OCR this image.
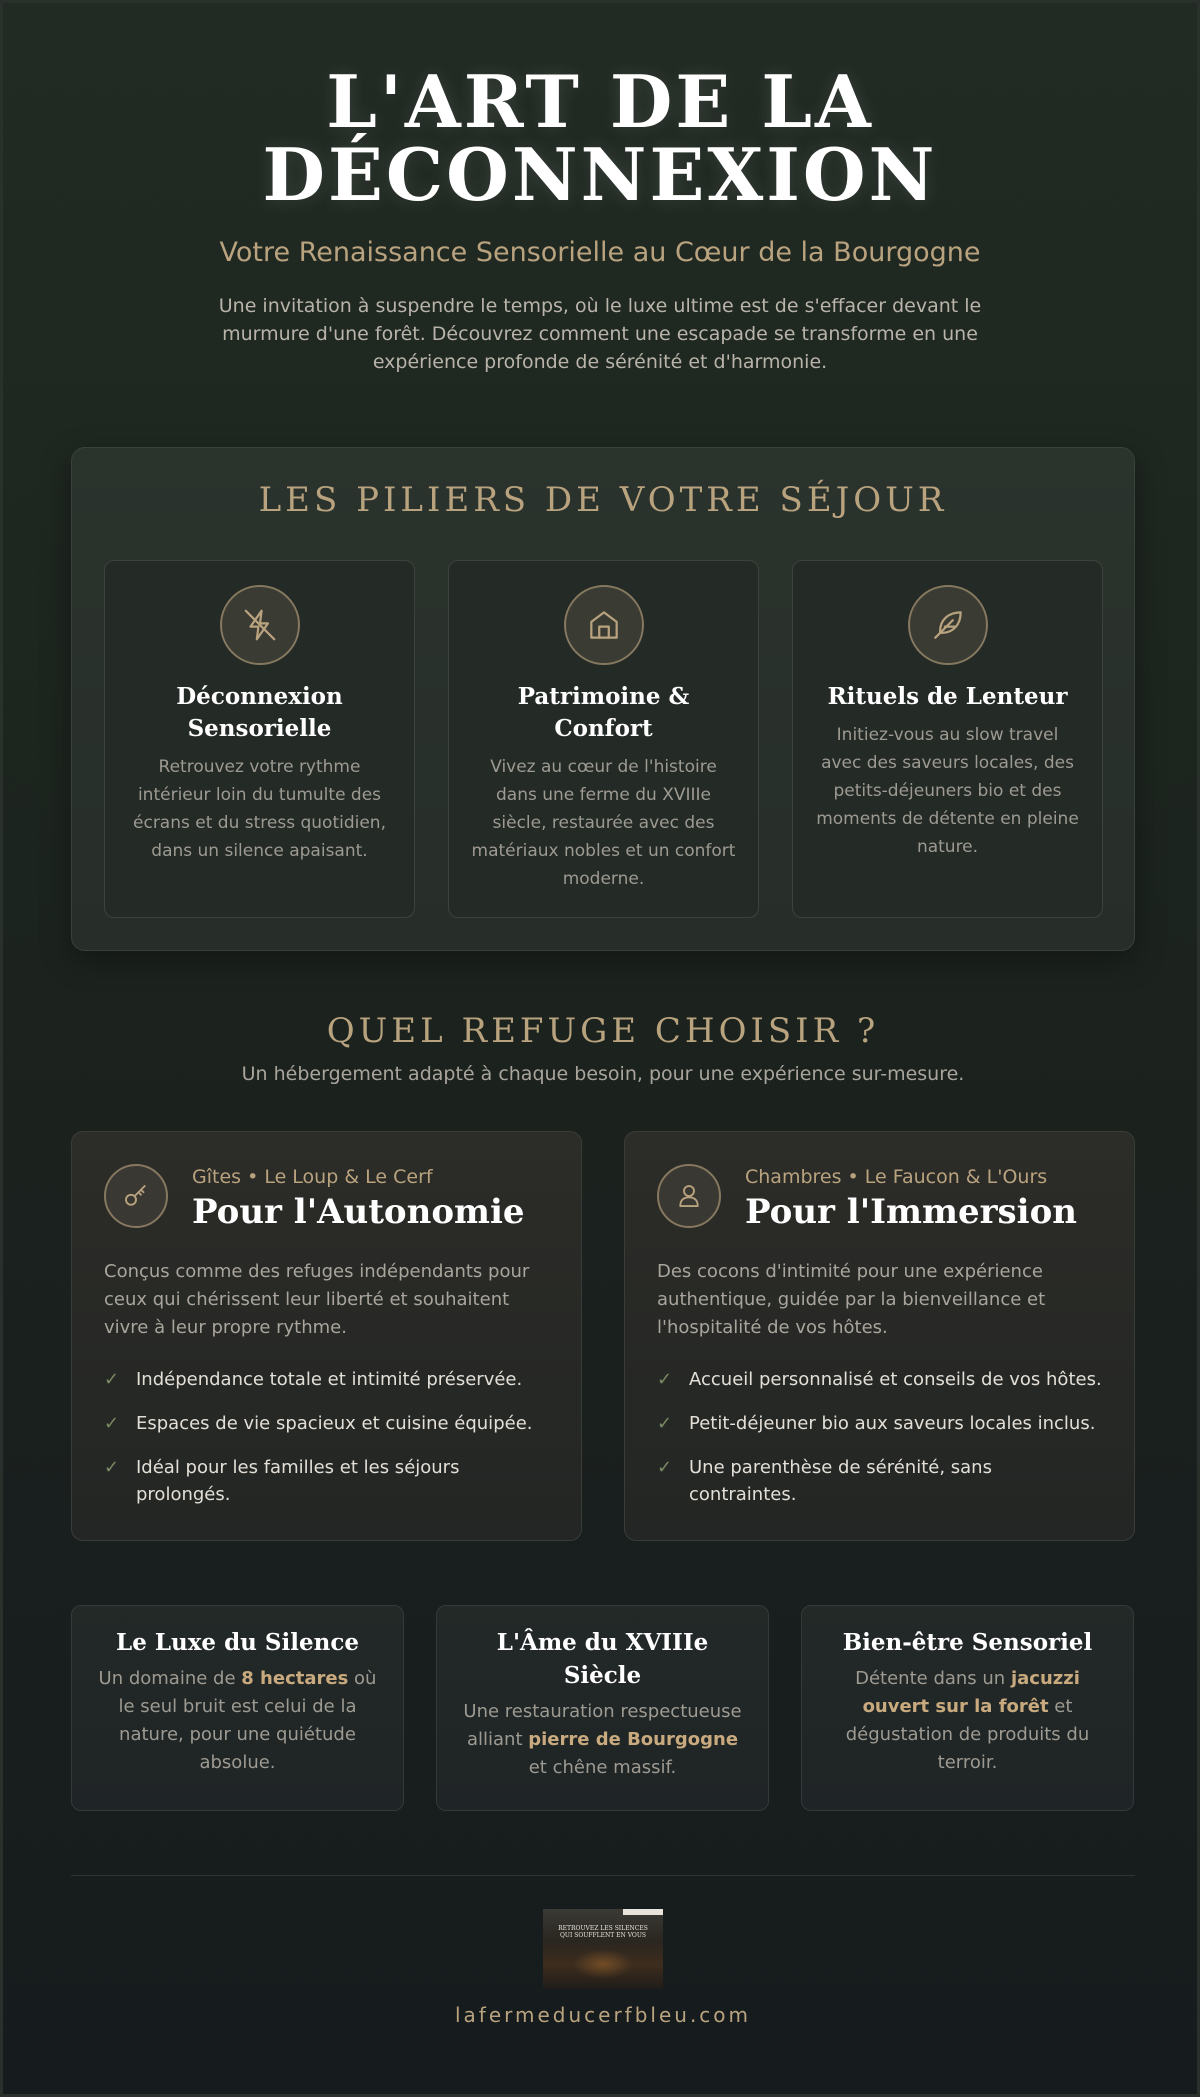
L'ART DE LA
DÉCONNEXION
Votre Renaissance Sensorielle au Cœur de la Bourgogne

Une invitation à suspendre le temps, où le luxe ultime est de s'effacer devant le murmure d'une forêt. Découvrez comment une escapade se transforme en une expérience profonde de sérénité et d'harmonie.

LES PILIERS DE VOTRE SÉJOUR
Déconnexion Sensorielle

Retrouvez votre rythme intérieur loin du tumulte des écrans et du stress quotidien, dans un silence apaisant.

Patrimoine & Confort

Vivez au cœur de l'histoire dans une ferme du XVIIIe siècle, restaurée avec des matériaux nobles et un confort moderne.

Rituels de Lenteur

Initiez-vous au slow travel avec des saveurs locales, des petits-déjeuners bio et des moments de détente en pleine nature.

QUEL REFUGE CHOISIR ?

Un hébergement adapté à chaque besoin, pour une expérience sur-mesure.

Gîtes • Le Loup & Le Cerf
Pour l'Autonomie

Conçus comme des refuges indépendants pour ceux qui chérissent leur liberté et souhaitent vivre à leur propre rythme.

✓ Indépendance totale et intimité préservée.
✓ Espaces de vie spacieux et cuisine équipée.
✓ Idéal pour les familles et les séjours prolongés.
Chambres • Le Faucon & L'Ours
Pour l'Immersion

Des cocons d'intimité pour une expérience authentique, guidée par la bienveillance et l'hospitalité de vos hôtes.

✓ Accueil personnalisé et conseils de vos hôtes.
✓ Petit-déjeuner bio aux saveurs locales inclus.
✓ Une parenthèse de sérénité, sans contraintes.
Le Luxe du Silence

Un domaine de 8 hectares où le seul bruit est celui de la nature, pour une quiétude absolue.

L'Âme du XVIIIe Siècle

Une restauration respectueuse alliant pierre de Bourgogne et chêne massif.

Bien-être Sensoriel

Détente dans un jacuzzi ouvert sur la forêt et dégustation de produits du terroir.

RETROUVEZ LES SILENCES QUI SOUFFLENT EN VOUS
lafermeducerfbleu.com
